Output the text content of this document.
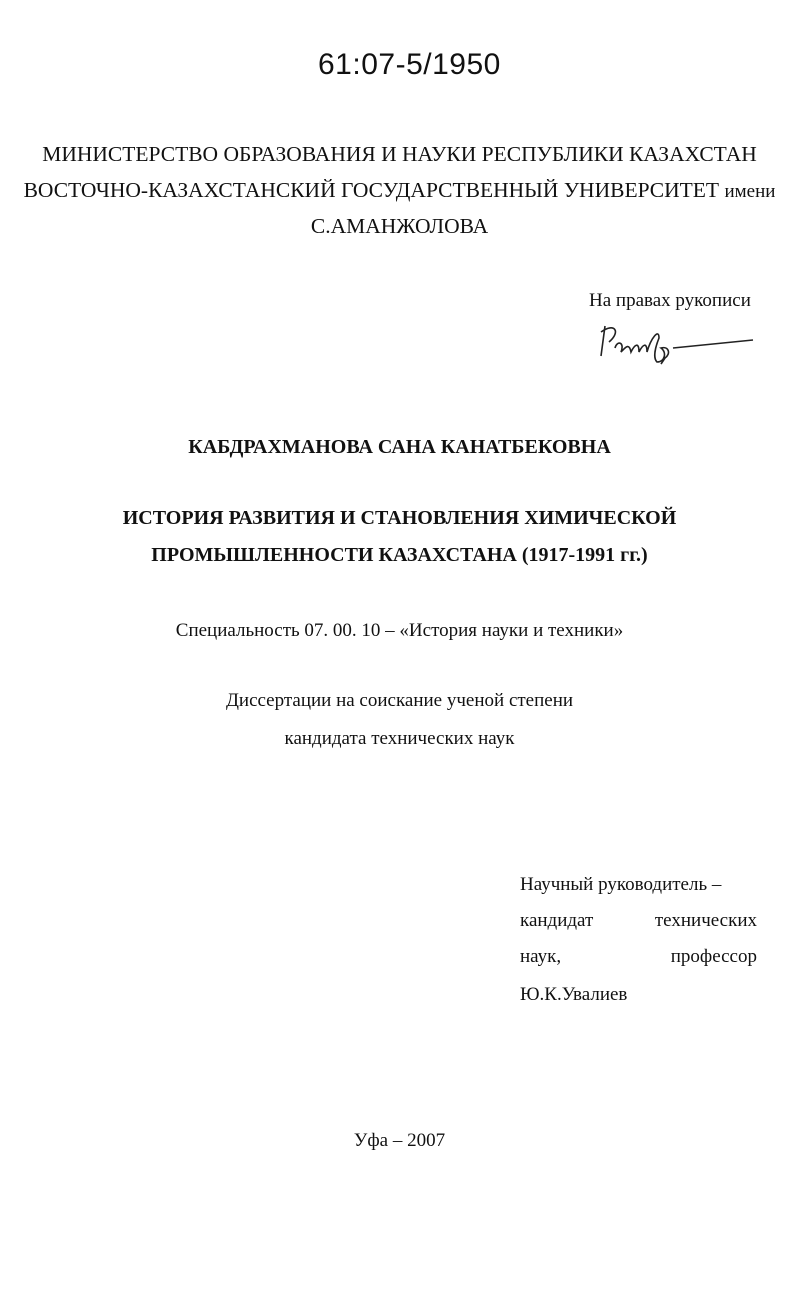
61:07-5/1950
МИНИСТЕРСТВО ОБРАЗОВАНИЯ И НАУКИ РЕСПУБЛИКИ КАЗАХСТАН
ВОСТОЧНО-КАЗАХСТАНСКИЙ ГОСУДАРСТВЕННЫЙ УНИВЕРСИТЕТ имени
С.АМАНЖОЛОВА
На правах рукописи
КАБДРАХМАНОВА САНА КАНАТБЕКОВНА
ИСТОРИЯ РАЗВИТИЯ И СТАНОВЛЕНИЯ ХИМИЧЕСКОЙ
ПРОМЫШЛЕННОСТИ КАЗАХСТАНА (1917-1991 гг.)
Специальность 07. 00. 10 – «История науки и техники»
Диссертации на соискание ученой степени
кандидата технических наук
Научный руководитель –
кандидат	технических
наук,	профессор
Ю.К.Увалиев
Уфа – 2007
